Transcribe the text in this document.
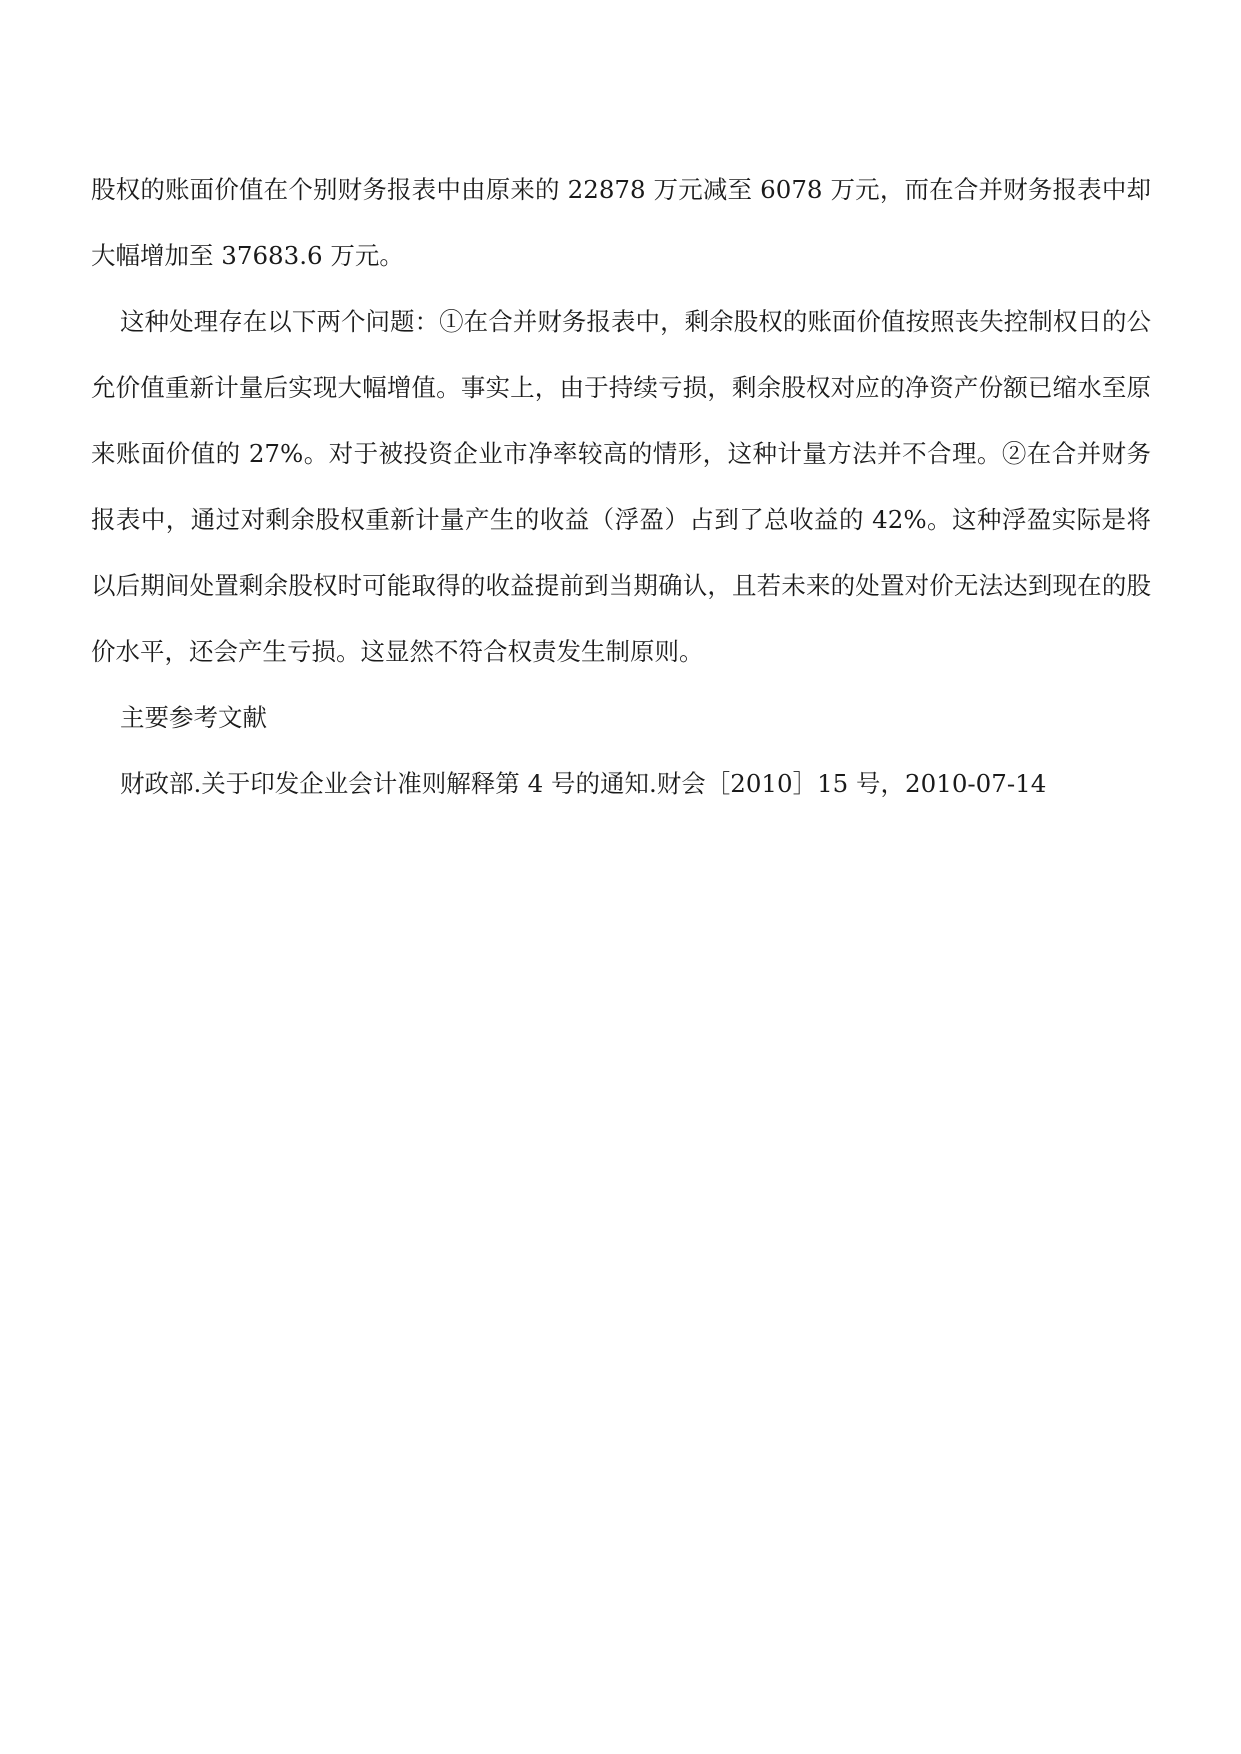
股权的账面价值在个别财务报表中由原来的 22878 万元减至 6078 万元，而在合并财务报表中却大幅增加至 37683.6 万元。

这种处理存在以下两个问题：①在合并财务报表中，剩余股权的账面价值按照丧失控制权日的公允价值重新计量后实现大幅增值。事实上，由于持续亏损，剩余股权对应的净资产份额已缩水至原来账面价值的 27%。对于被投资企业市净率较高的情形，这种计量方法并不合理。②在合并财务报表中，通过对剩余股权重新计量产生的收益（浮盈）占到了总收益的 42%。这种浮盈实际是将以后期间处置剩余股权时可能取得的收益提前到当期确认，且若未来的处置对价无法达到现在的股价水平，还会产生亏损。这显然不符合权责发生制原则。

主要参考文献

财政部.关于印发企业会计准则解释第 4 号的通知.财会［2010］15 号，2010-07-14
